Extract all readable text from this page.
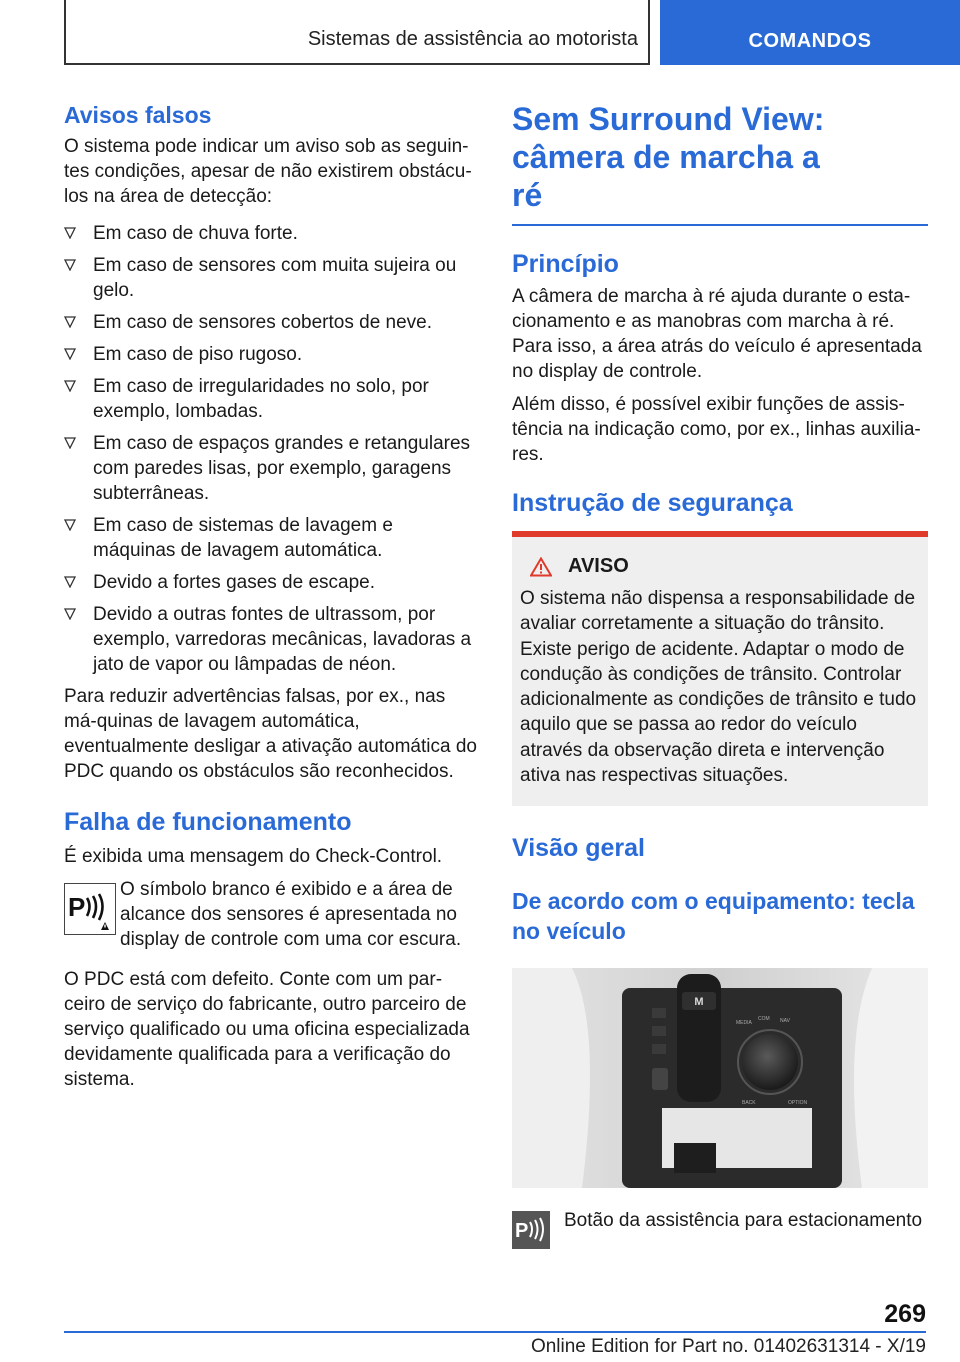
Sistemas de assistência ao motorista	COMANDOS
Avisos falsos

O sistema pode indicar um aviso sob as seguin-tes condições, apesar de não existirem obstácu-los na área de detecção:

Em caso de chuva forte.
Em caso de sensores com muita sujeira ou gelo.
Em caso de sensores cobertos de neve.
Em caso de piso rugoso.
Em caso de irregularidades no solo, por exemplo, lombadas.
Em caso de espaços grandes e retangulares com paredes lisas, por exemplo, garagens subterrâneas.
Em caso de sistemas de lavagem e máquinas de lavagem automática.
Devido a fortes gases de escape.
Devido a outras fontes de ultrassom, por exemplo, varredoras mecânicas, lavadoras a jato de vapor ou lâmpadas de néon.

Para reduzir advertências falsas, por ex., nas má-quinas de lavagem automática, eventualmente desligar a ativação automática do PDC quando os obstáculos são reconhecidos.

Falha de funcionamento

É exibida uma mensagem do Check-Control.

P
O símbolo branco é exibido e a área de alcance dos sensores é apresentada no display de controle com uma cor escura.

O PDC está com defeito. Conte com um par-ceiro de serviço do fabricante, outro parceiro de serviço qualificado ou uma oficina especializada devidamente qualificada para a verificação do sistema.

Sem Surround View: câmera de marcha a ré
Princípio

A câmera de marcha à ré ajuda durante o esta-cionamento e as manobras com marcha à ré. Para isso, a área atrás do veículo é apresentada no display de controle.

Além disso, é possível exibir funções de assis-tência na indicação como, por ex., linhas auxilia-res.

Instrução de segurança
AVISO

O sistema não dispensa a responsabilidade de avaliar corretamente a situação do trânsito. Existe perigo de acidente. Adaptar o modo de condução às condições de trânsito. Controlar adicionalmente as condições de trânsito e tudo aquilo que se passa ao redor do veículo através da observação direta e intervenção ativa nas respectivas situações.

Visão geral
De acordo com o equipamento: tecla no veículo
M
MEDIA
COM NAV
BACK	OPTION
P Botão da assistência para estacionamento
269
Online Edition for Part no. 01402631314 - X/19
